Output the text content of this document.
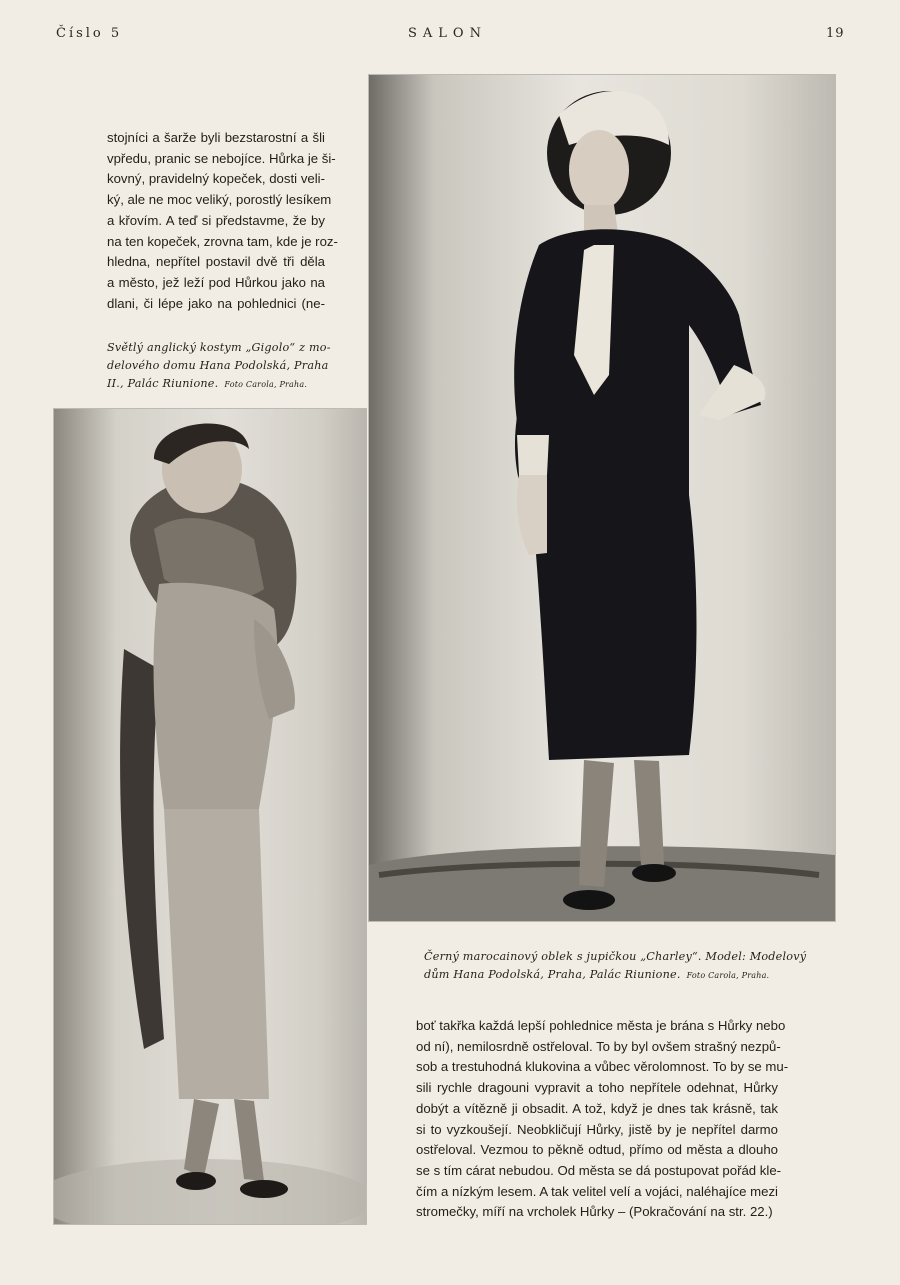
Číslo 5	SALON	19
stojníci a šarže byli bezstarostní a šli
vpředu, pranic se nebojíce. Hůrka je ši-
kovný, pravidelný kopeček, dosti veli-
ký, ale ne moc veliký, porostlý lesíkem
a křovím. A teď si představme, že by
na ten kopeček, zrovna tam, kde je roz-
hledna, nepřítel postavil dvě tři děla
a město, jež leží pod Hůrkou jako na
dlani, či lépe jako na pohlednici (ne-
Světlý anglický kostym „Gigolo“ z mo-
delového domu Hana Podolská, Praha
II., Palác Riunione. Foto Carola, Praha.
Černý marocainový oblek s jupičkou „Charley“. Model: Modelový
dům Hana Podolská, Praha, Palác Riunione. Foto Carola, Praha.
boť takřka každá lepší pohlednice města je brána s Hůrky nebo
od ní), nemilosrdně ostřeloval. To by byl ovšem strašný nezpů-
sob a trestuhodná klukovina a vůbec věrolomnost. To by se mu-
sili rychle dragouni vypravit a toho nepřítele odehnat, Hůrky
dobýt a vítězně ji obsadit. A tož, když je dnes tak krásně, tak
si to vyzkoušejí. Neobkličují Hůrky, jistě by je nepřítel darmo
ostřeloval. Vezmou to pěkně odtud, přímo od města a dlouho
se s tím cárat nebudou. Od města se dá postupovat pořád kle-
čím a nízkým lesem. A tak velitel velí a vojáci, naléhajíce mezi
stromečky, míří na vrcholek Hůrky – (Pokračování na str. 22.)
